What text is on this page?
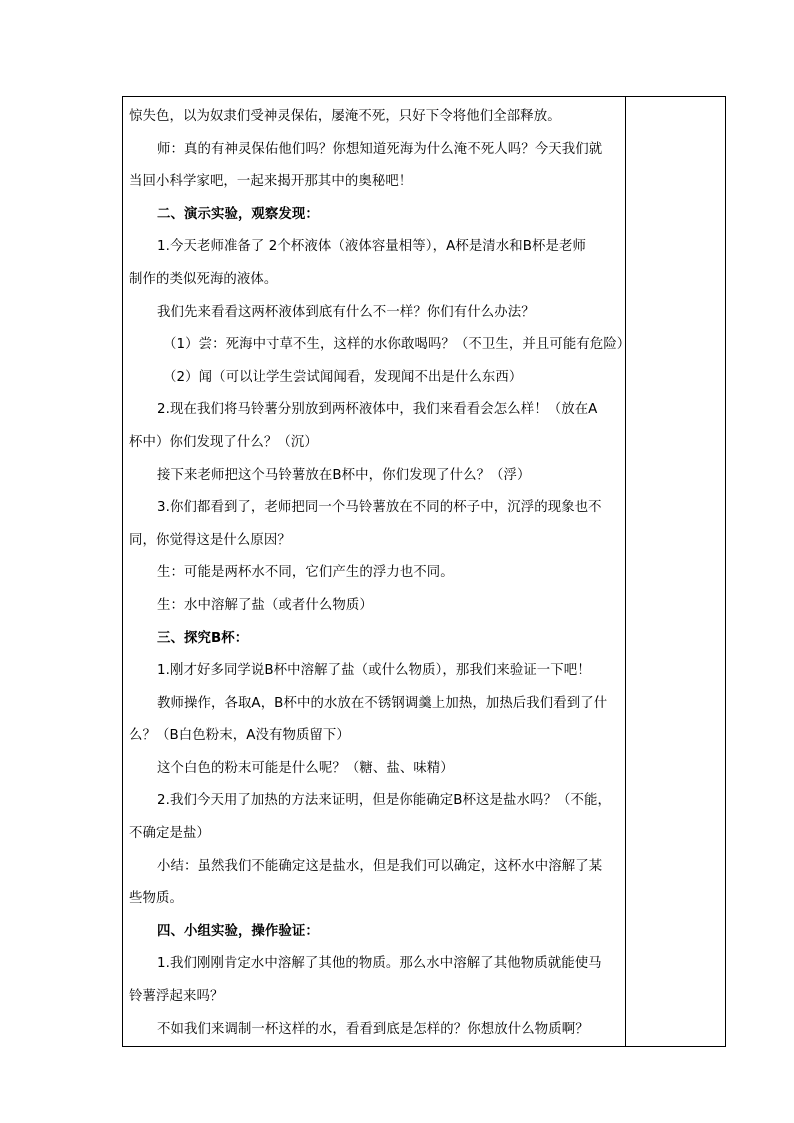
惊失色，以为奴隶们受神灵保佑，屡淹不死，只好下令将他们全部释放。

师：真的有神灵保佑他们吗？你想知道死海为什么淹不死人吗？今天我们就

当回小科学家吧，一起来揭开那其中的奥秘吧！

二、演示实验，观察发现：

1.今天老师准备了 2个杯液体（液体容量相等），A杯是清水和B杯是老师

制作的类似死海的液体。

我们先来看看这两杯液体到底有什么不一样？你们有什么办法？

（1）尝：死海中寸草不生，这样的水你敢喝吗？（不卫生，并且可能有危险）

（2）闻（可以让学生尝试闻闻看，发现闻不出是什么东西）

2.现在我们将马铃薯分别放到两杯液体中，我们来看看会怎么样！（放在A

杯中）你们发现了什么？（沉）

接下来老师把这个马铃薯放在B杯中，你们发现了什么？（浮）

3.你们都看到了，老师把同一个马铃薯放在不同的杯子中，沉浮的现象也不

同，你觉得这是什么原因？

生：可能是两杯水不同，它们产生的浮力也不同。

生：水中溶解了盐（或者什么物质）

三、探究B杯：

1.刚才好多同学说B杯中溶解了盐（或什么物质），那我们来验证一下吧！

教师操作，各取A，B杯中的水放在不锈钢调羹上加热，加热后我们看到了什

么？（B白色粉末，A没有物质留下）

这个白色的粉末可能是什么呢？（糖、盐、味精）

2.我们今天用了加热的方法来证明，但是你能确定B杯这是盐水吗？（不能，

不确定是盐）

小结：虽然我们不能确定这是盐水，但是我们可以确定，这杯水中溶解了某

些物质。

四、小组实验，操作验证：

1.我们刚刚肯定水中溶解了其他的物质。那么水中溶解了其他物质就能使马

铃薯浮起来吗？

不如我们来调制一杯这样的水，看看到底是怎样的？你想放什么物质啊？
